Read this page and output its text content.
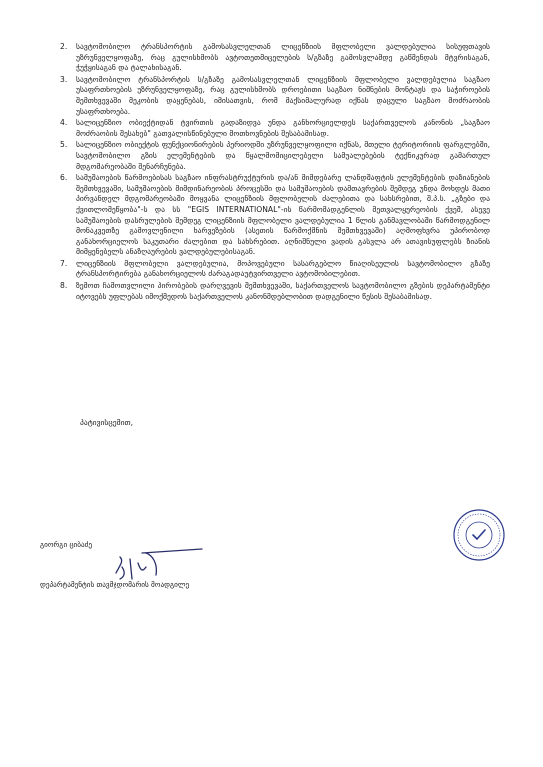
2.	სავტომობილო ტრანსპორტის გამოსასვლელთან ლიცენზიის მფლობელი ვალდებულია სისუფთავის უზრუნველყოფაზე, რაც გულისხმობს ავტოთეთმიცელების ს/გზაზე გამოსვლამდე გაწმენდას მტვრისაგან, ჭუჭყისაგან და ტალახისაგან.
3.	სავტომობილო ტრანსპორტის ს/გზაზე გამოსასვლელთან ლიცენზიის მფლობელი ვალდებულია საგზაო უსაფრთხოების უზრუნველყოფაზე, რაც გულისხმობს დროებითი საგზაო ნიშნების მონტაჟს და საჭიროების შემთხვევაში მეკობის დაყენებას, იმისათვის, რომ მაქსიმალურად იქნას დაცული საგზაო მოძრაობის უსაფრთხოება.
4.	სალიცენზიო ობიექტიდან ტვირთის გადაზიდვა უნდა განხორციელდეს საქართველოს კანონის „საგზაო მოძრაობის შესახებ" გათვალისწინებული მოთხოვნების შესაბამისად.
5.	სალიცენზიო ობიექტის ფუნქციონირების პერიოდში უზრუნველყოფილი იქნას, მთელი ტერიტორიის ფარგლებში, სავტომობილო გზის ელემენტების და წყალმომიცილებელი სამუალებების ტექნიკურად გამართულ მდგომარეობაში შენარჩუნება.
6.	სამუშაოების წარმოებისას საგზაო ინფრასტრუქტურის და/ან მიმდებარე ლანდშაფტის ელემენტების დაზიანების შემთხვევაში, სამუშაოების მიმდინარეობის პროცესში და სამუშაოების დამთავრების შემდეგ უნდა მოხდეს მათი პირვანდელ მდგომარეობაში მოყვანა ლიცენზიის მფლობელის ძალებითა და სახსრებით, შ.პ.ს. „გზები და ქვითლომეწყობა"-ს და სს "EGIS INTERNATIONAL"-ის წარმომადგენლის მეთვალყურეობის ქვეშ, ასევე სამუშაოების დასრულების შემდეგ ლიცენზიის მფლობელი ვალდებულია 1 წლის განმავლობაში წარმოდგენილ მონაკვეთზე გამოვლენილი ხარვეზების (ასეთის წარმოქმნის შემთხვევაში) აღმოფხვრა უპირობოდ განახორციელოს საკუთარი ძალებით და სახსრებით. აღნიშნული ვადის გასვლა არ ათავისუფლებს ზიანის მიმყენებელს ანაზღაურების ვალდებულებისაგან.
7.	ლიცენზიის მფლობელი ვალდებულია, მოპოვებული სასარგებლო წიაღისეულის სავტომობილო გზაზე ტრანსპორტირება განახორციელოს ძარაგადაუტვირთველი ავტომობილებით.
8.	ზემოთ ჩამოთვლილი პირობების დარღვევის შემთხვევაში, საქართველოს სავტომობილო გზების დეპარტამენტი იტოვებს უფლებას იმოქმედოს საქართველოს კანონმდებლობით დადგენილი წესის შესაბამისად.
პატივისცემით,
გიორგი ციბაძე
დეპარტამენტის თავმჯდომარის მოადგილე
